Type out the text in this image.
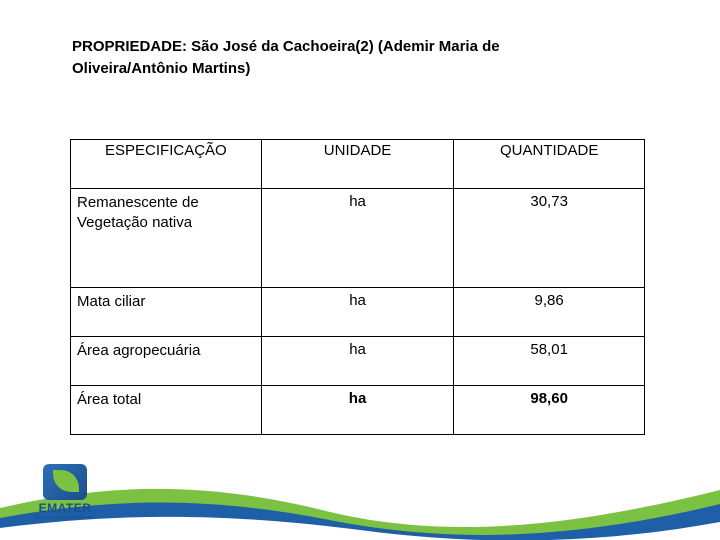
PROPRIEDADE: São José da Cachoeira(2) (Ademir Maria de Oliveira/Antônio Martins)
ESPECIFICAÇÃO	UNIDADE	QUANTIDADE
Remanescente de Vegetação nativa	ha	30,73
Mata ciliar	ha	9,86
Área agropecuária	ha	58,01
Área total	ha	98,60
EMATER
"Rumo ao desenvolvimento"
